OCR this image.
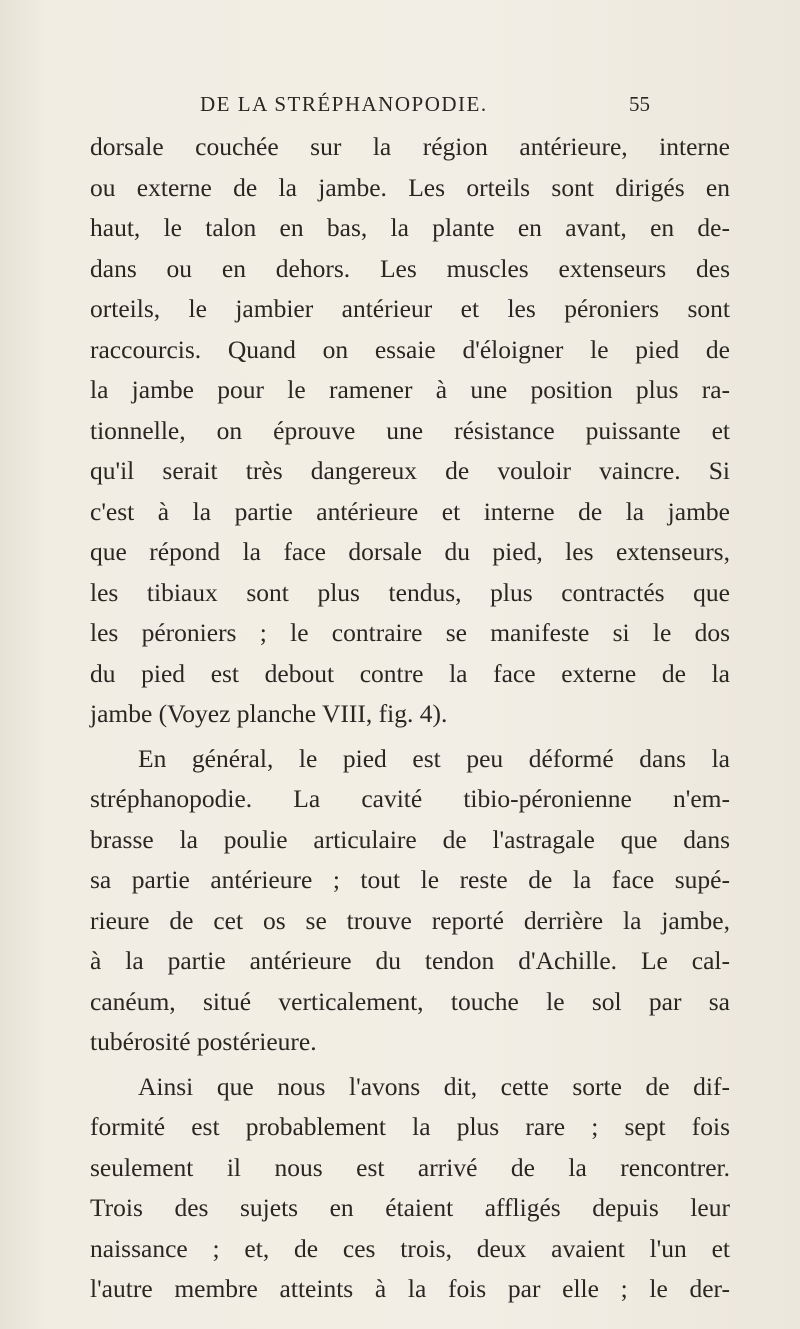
DE LA STRÉPHANOPODIE.	55
dorsale couchée sur la région antérieure, interne
ou externe de la jambe. Les orteils sont dirigés en
haut, le talon en bas, la plante en avant, en de-
dans ou en dehors. Les muscles extenseurs des
orteils, le jambier antérieur et les péroniers sont
raccourcis. Quand on essaie d'éloigner le pied de
la jambe pour le ramener à une position plus ra-
tionnelle, on éprouve une résistance puissante et
qu'il serait très dangereux de vouloir vaincre. Si
c'est à la partie antérieure et interne de la jambe
que répond la face dorsale du pied, les extenseurs,
les tibiaux sont plus tendus, plus contractés que
les péroniers ; le contraire se manifeste si le dos
du pied est debout contre la face externe de la
jambe (Voyez planche VIII, fig. 4).
En général, le pied est peu déformé dans la
stréphanopodie. La cavité tibio-péronienne n'em-
brasse la poulie articulaire de l'astragale que dans
sa partie antérieure ; tout le reste de la face supé-
rieure de cet os se trouve reporté derrière la jambe,
à la partie antérieure du tendon d'Achille. Le cal-
canéum, situé verticalement, touche le sol par sa
tubérosité postérieure.
Ainsi que nous l'avons dit, cette sorte de dif-
formité est probablement la plus rare ; sept fois
seulement il nous est arrivé de la rencontrer.
Trois des sujets en étaient affligés depuis leur
naissance ; et, de ces trois, deux avaient l'un et
l'autre membre atteints à la fois par elle ; le der-
